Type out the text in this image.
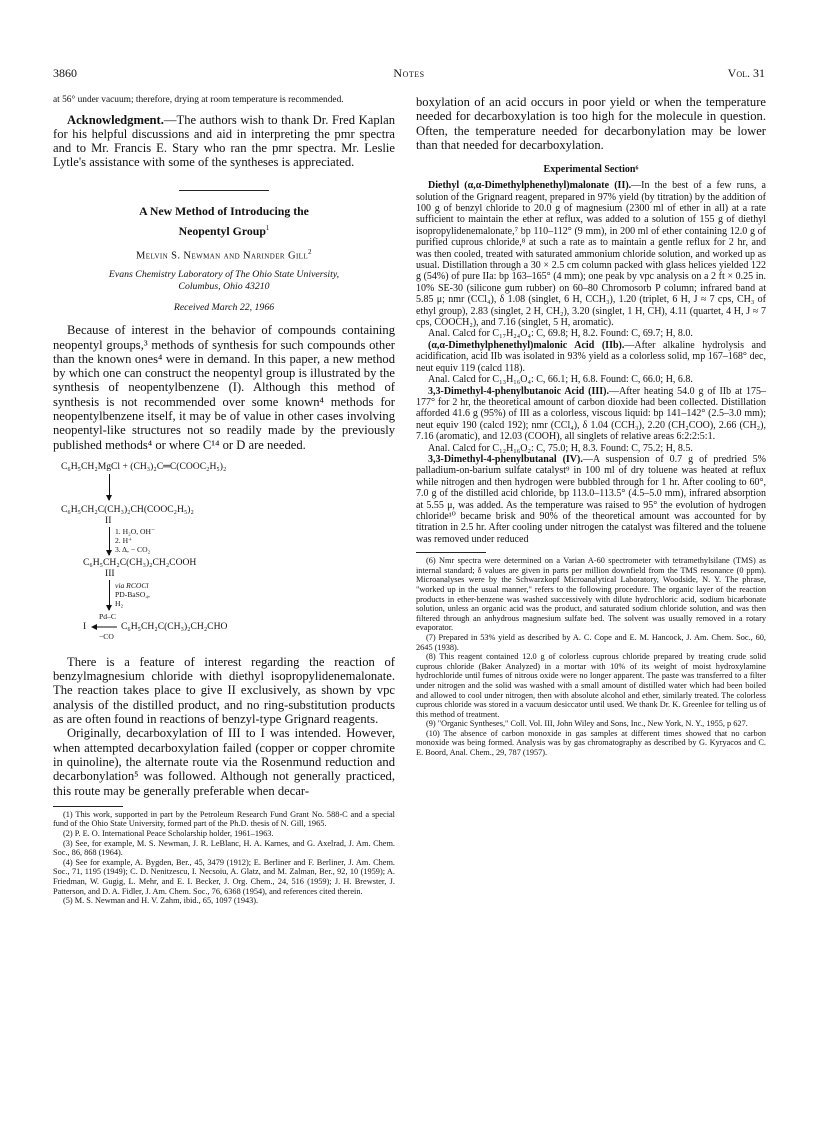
3860	Notes	Vol. 31

at 56° under vacuum; therefore, drying at room temperature is recommended.

Acknowledgment.—The authors wish to thank Dr. Fred Kaplan for his helpful discussions and aid in interpreting the pmr spectra and to Mr. Francis E. Stary who ran the pmr spectra. Mr. Leslie Lytle's assistance with some of the syntheses is appreciated.

A New Method of Introducing the
Neopentyl Group$^1$
Melvin S. Newman and Narinder Gill$^2$
Evans Chemistry Laboratory of The Ohio State University,
Columbus, Ohio 43210
Received March 22, 1966

Because of interest in the behavior of compounds containing neopentyl groups,³ methods of synthesis for such compounds other than the known ones⁴ were in demand. In this paper, a new method by which one can construct the neopentyl group is illustrated by the synthesis of neopentylbenzene (I). Although this method of synthesis is not recommended over some known⁴ methods for neopentylbenzene itself, it may be of value in other cases involving neopentyl-like structures not so readily made by the previously published methods⁴ or where C¹⁴ or D are needed.

C₆H₅CH₂MgCl + (CH₃)₂C═C(COOC₂H₅)₂
C₆H₅CH₂C(CH₃)₂CH(COOC₂H₅)₂
II
1. H₂O, OH⁻
2. H⁺
3. Δ, − CO₂
C₆H₅CH₂C(CH₃)₂CH₂COOH
III
via RCOCl
PD-BaSO₄,
H₂
Pd–C
I	C₆H₅CH₂C(CH₃)₂CH₂CHO
−CO

There is a feature of interest regarding the reaction of benzylmagnesium chloride with diethyl isopropylidenemalonate. The reaction takes place to give II exclusively, as shown by vpc analysis of the distilled product, and no ring-substitution products as are often found in reactions of benzyl-type Grignard reagents.

Originally, decarboxylation of III to I was intended. However, when attempted decarboxylation failed (copper or copper chromite in quinoline), the alternate route via the Rosenmund reduction and decarbonylation⁵ was followed. Although not generally practiced, this route may be generally preferable when decar-

(1) This work, supported in part by the Petroleum Research Fund Grant No. 588-C and a special fund of the Ohio State University, formed part of the Ph.D. thesis of N. Gill, 1965.

(2) P. E. O. International Peace Scholarship holder, 1961–1963.

(3) See, for example, M. S. Newman, J. R. LeBlanc, H. A. Karnes, and G. Axelrad, J. Am. Chem. Soc., 86, 868 (1964).

(4) See for example, A. Bygden, Ber., 45, 3479 (1912); E. Berliner and F. Berliner, J. Am. Chem. Soc., 71, 1195 (1949); C. D. Nenitzescu, I. Necsoiu, A. Glatz, and M. Zalman, Ber., 92, 10 (1959); A. Friedman, W. Gugig, L. Mehr, and E. I. Becker, J. Org. Chem., 24, 516 (1959); J. H. Brewster, J. Patterson, and D. A. Fidler, J. Am. Chem. Soc., 76, 6368 (1954), and references cited therein.

(5) M. S. Newman and H. V. Zahm, ibid., 65, 1097 (1943).

boxylation of an acid occurs in poor yield or when the temperature needed for decarboxylation is too high for the molecule in question. Often, the temperature needed for decarbonylation may be lower than that needed for decarboxylation.

Experimental Section⁶

Diethyl (α,α-Dimethylphenethyl)malonate (II).—In the best of a few runs, a solution of the Grignard reagent, prepared in 97% yield (by titration) by the addition of 100 g of benzyl chloride to 20.0 g of magnesium (2300 ml of ether in all) at a rate sufficient to maintain the ether at reflux, was added to a solution of 155 g of diethyl isopropylidenemalonate,⁷ bp 110–112° (9 mm), in 200 ml of ether containing 12.0 g of purified cuprous chloride,⁸ at such a rate as to maintain a gentle reflux for 2 hr, and was then cooled, treated with saturated ammonium chloride solution, and worked up as usual. Distillation through a 30 × 2.5 cm column packed with glass helices yielded 122 g (54%) of pure IIa: bp 163–165° (4 mm); one peak by vpc analysis on a 2 ft × 0.25 in. 10% SE-30 (silicone gum rubber) on 60–80 Chromosorb P column; infrared band at 5.85 μ; nmr (CCl₄), δ 1.08 (singlet, 6 H, CCH₃), 1.20 (triplet, 6 H, J ≈ 7 cps, CH₃ of ethyl group), 2.83 (singlet, 2 H, CH₂), 3.20 (singlet, 1 H, CH), 4.11 (quartet, 4 H, J ≈ 7 cps, COOCH₂), and 7.16 (singlet, 5 H, aromatic).

Anal. Calcd for C₁₇H₂₄O₄: C, 69.8; H, 8.2. Found: C, 69.7; H, 8.0.

(α,α-Dimethylphenethyl)malonic Acid (IIb).—After alkaline hydrolysis and acidification, acid IIb was isolated in 93% yield as a colorless solid, mp 167–168° dec, neut equiv 119 (calcd 118).

Anal. Calcd for C₁₃H₁₆O₄: C, 66.1; H, 6.8. Found: C, 66.0; H, 6.8.

3,3-Dimethyl-4-phenylbutanoic Acid (III).—After heating 54.0 g of IIb at 175–177° for 2 hr, the theoretical amount of carbon dioxide had been collected. Distillation afforded 41.6 g (95%) of III as a colorless, viscous liquid: bp 141–142° (2.5–3.0 mm); neut equiv 190 (calcd 192); nmr (CCl₄), δ 1.04 (CCH₃), 2.20 (CH₂COO), 2.66 (CH₂), 7.16 (aromatic), and 12.03 (COOH), all singlets of relative areas 6:2:2:5:1.

Anal. Calcd for C₁₂H₁₆O₂: C, 75.0; H, 8.3. Found: C, 75.2; H, 8.5.

3,3-Dimethyl-4-phenylbutanal (IV).—A suspension of 0.7 g of predried 5% palladium-on-barium sulfate catalyst⁹ in 100 ml of dry toluene was heated at reflux while nitrogen and then hydrogen were bubbled through for 1 hr. After cooling to 60°, 7.0 g of the distilled acid chloride, bp 113.0–113.5° (4.5–5.0 mm), infrared absorption at 5.55 μ, was added. As the temperature was raised to 95° the evolution of hydrogen chloride¹⁰ became brisk and 90% of the theoretical amount was accounted for by titration in 2.5 hr. After cooling under nitrogen the catalyst was filtered and the toluene was removed under reduced

(6) Nmr spectra were determined on a Varian A-60 spectrometer with tetramethylsilane (TMS) as internal standard; δ values are given in parts per million downfield from the TMS resonance (0 ppm). Microanalyses were by the Schwarzkopf Microanalytical Laboratory, Woodside, N. Y. The phrase, "worked up in the usual manner," refers to the following procedure. The organic layer of the reaction products in ether-benzene was washed successively with dilute hydrochloric acid, sodium bicarbonate solution, unless an organic acid was the product, and saturated sodium chloride solution, and was then filtered through an anhydrous magnesium sulfate bed. The solvent was usually removed in a rotary evaporator.

(7) Prepared in 53% yield as described by A. C. Cope and E. M. Hancock, J. Am. Chem. Soc., 60, 2645 (1938).

(8) This reagent contained 12.0 g of colorless cuprous chloride prepared by treating crude solid cuprous chloride (Baker Analyzed) in a mortar with 10% of its weight of moist hydroxylamine hydrochloride until fumes of nitrous oxide were no longer apparent. The paste was transferred to a filter under nitrogen and the solid was washed with a small amount of distilled water which had been boiled and allowed to cool under nitrogen, then with absolute alcohol and ether, similarly treated. The colorless cuprous chloride was stored in a vacuum desiccator until used. We thank Dr. K. Greenlee for telling us of this method of treatment.

(9) "Organic Syntheses," Coll. Vol. III, John Wiley and Sons, Inc., New York, N. Y., 1955, p 627.

(10) The absence of carbon monoxide in gas samples at different times showed that no carbon monoxide was being formed. Analysis was by gas chromatography as described by G. Kyryacos and C. E. Boord, Anal. Chem., 29, 787 (1957).
